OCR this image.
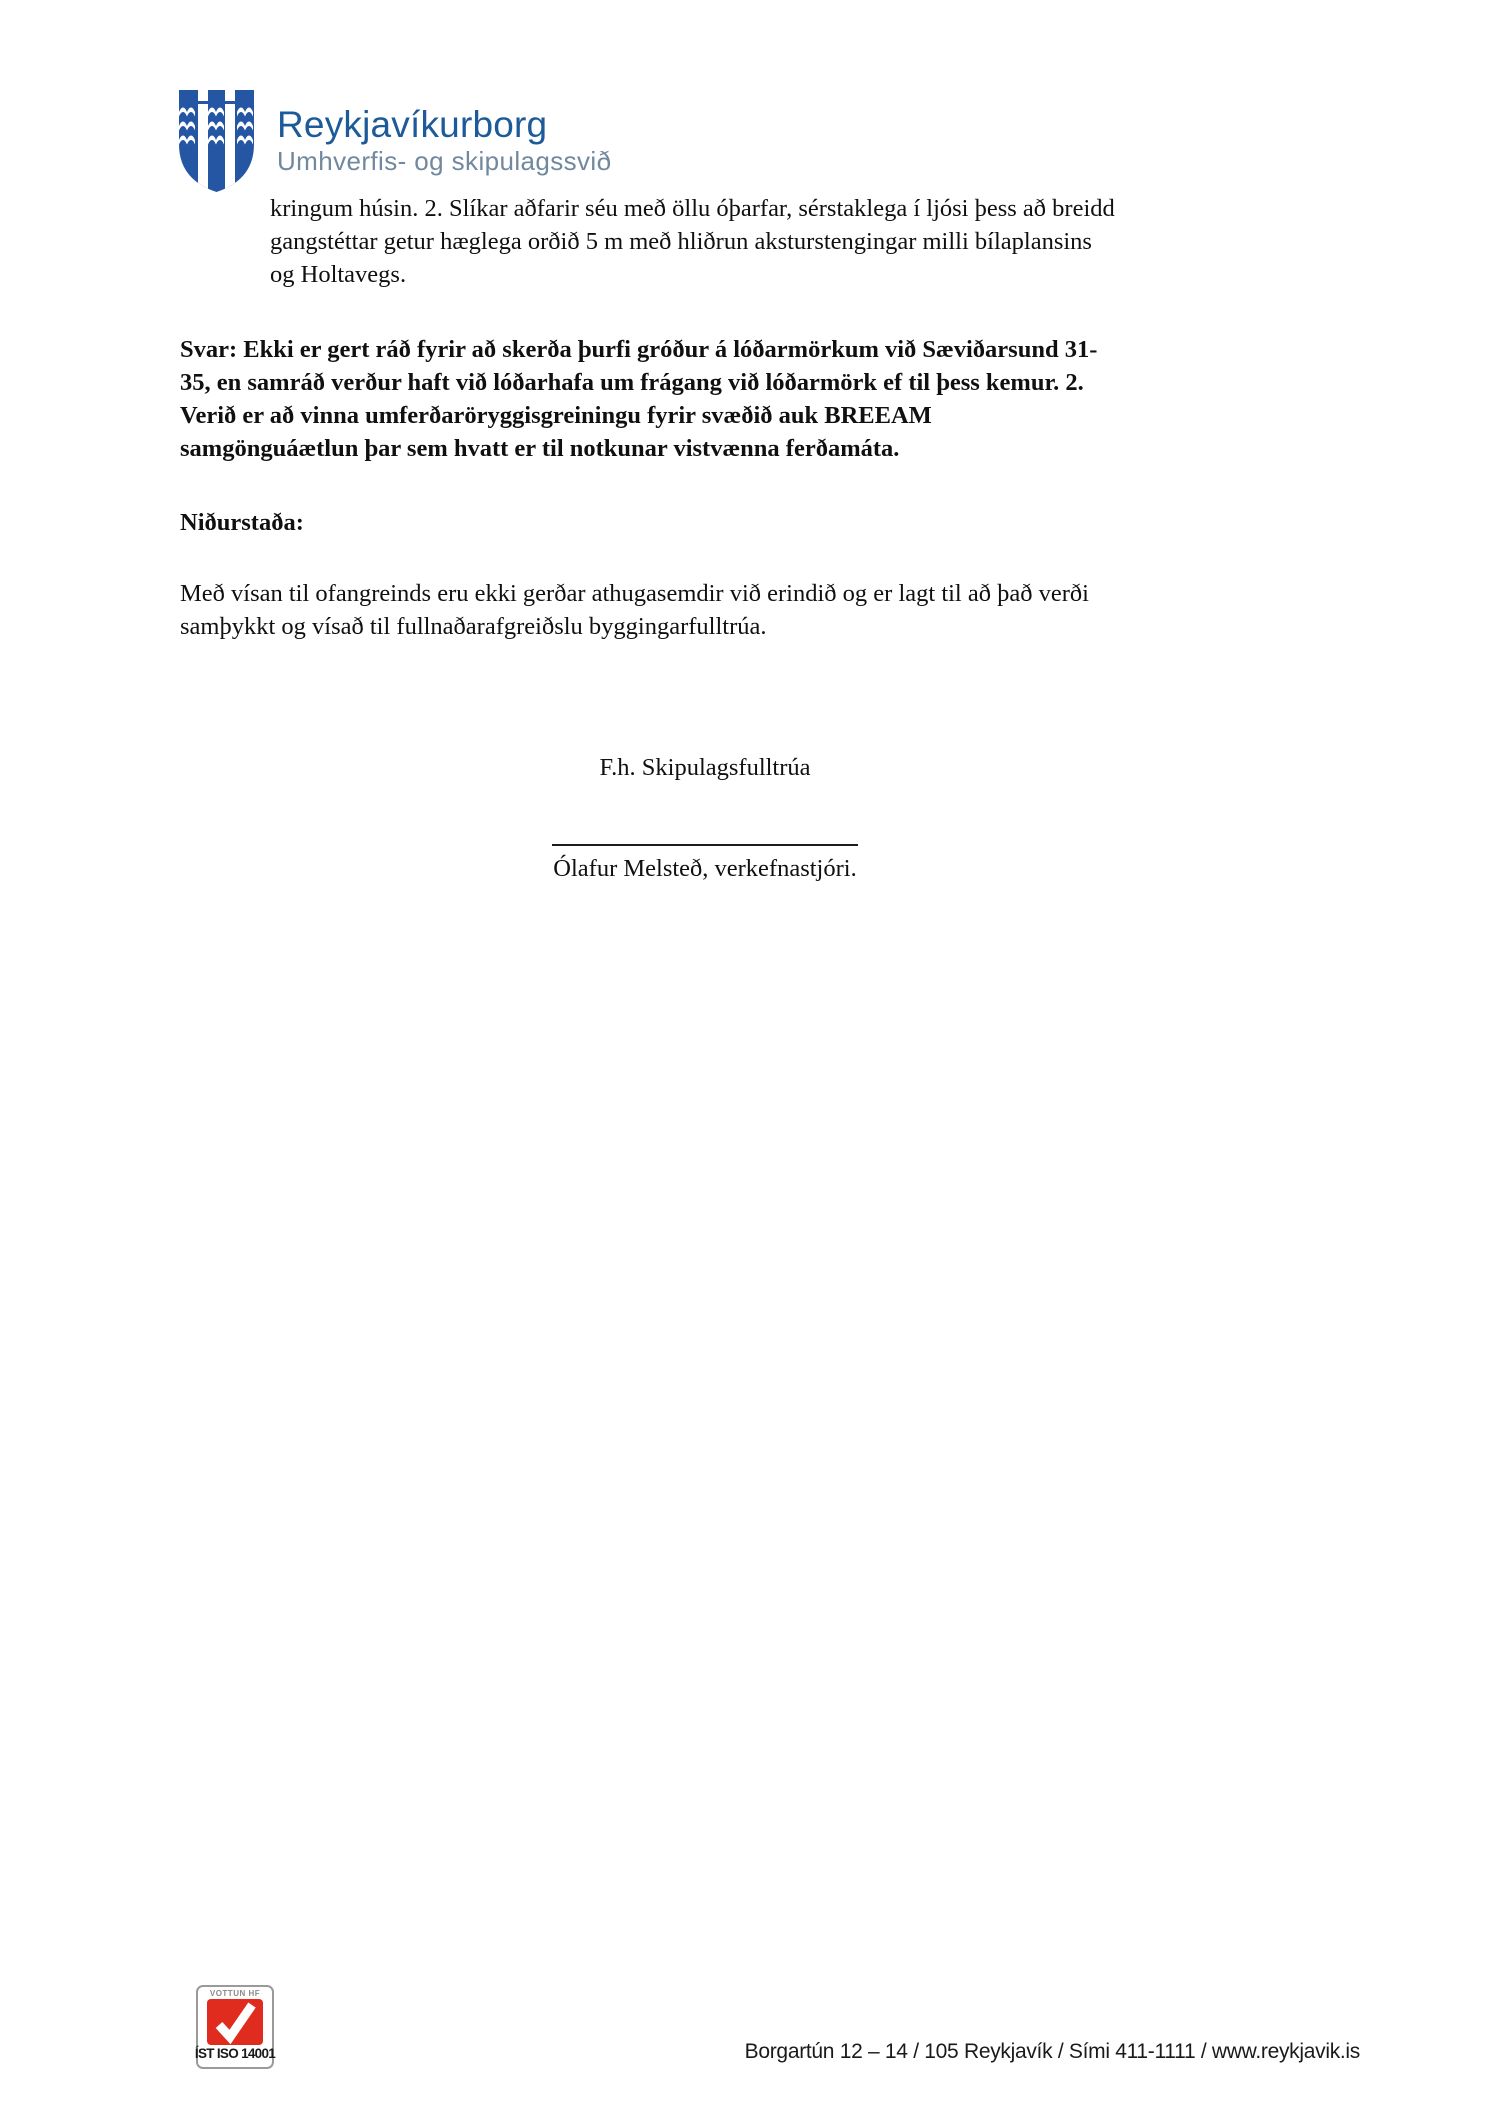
Reykjavíkurborg
Umhverfis- og skipulagssvið
kringum húsin. 2. Slíkar aðfarir séu með öllu óþarfar, sérstaklega í ljósi þess að breidd
gangstéttar getur hæglega orðið 5 m með hliðrun aksturstengingar milli bílaplansins
og Holtavegs.
Svar: Ekki er gert ráð fyrir að skerða þurfi gróður á lóðarmörkum við Sæviðarsund 31-
35, en samráð verður haft við lóðarhafa um frágang við lóðarmörk ef til þess kemur. 2.
Verið er að vinna umferðaröryggisgreiningu fyrir svæðið auk BREEAM
samgönguáætlun þar sem hvatt er til notkunar vistvænna ferðamáta.
Niðurstaða:
Með vísan til ofangreinds eru ekki gerðar athugasemdir við erindið og er lagt til að það verði
samþykkt og vísað til fullnaðarafgreiðslu byggingarfulltrúa.
F.h. Skipulagsfulltrúa
Ólafur Melsteð, verkefnastjóri.
VOTTUN HF
ÍST ISO 14001	Borgartún 12 – 14 / 105 Reykjavík / Sími 411-1111 / www.reykjavik.is
